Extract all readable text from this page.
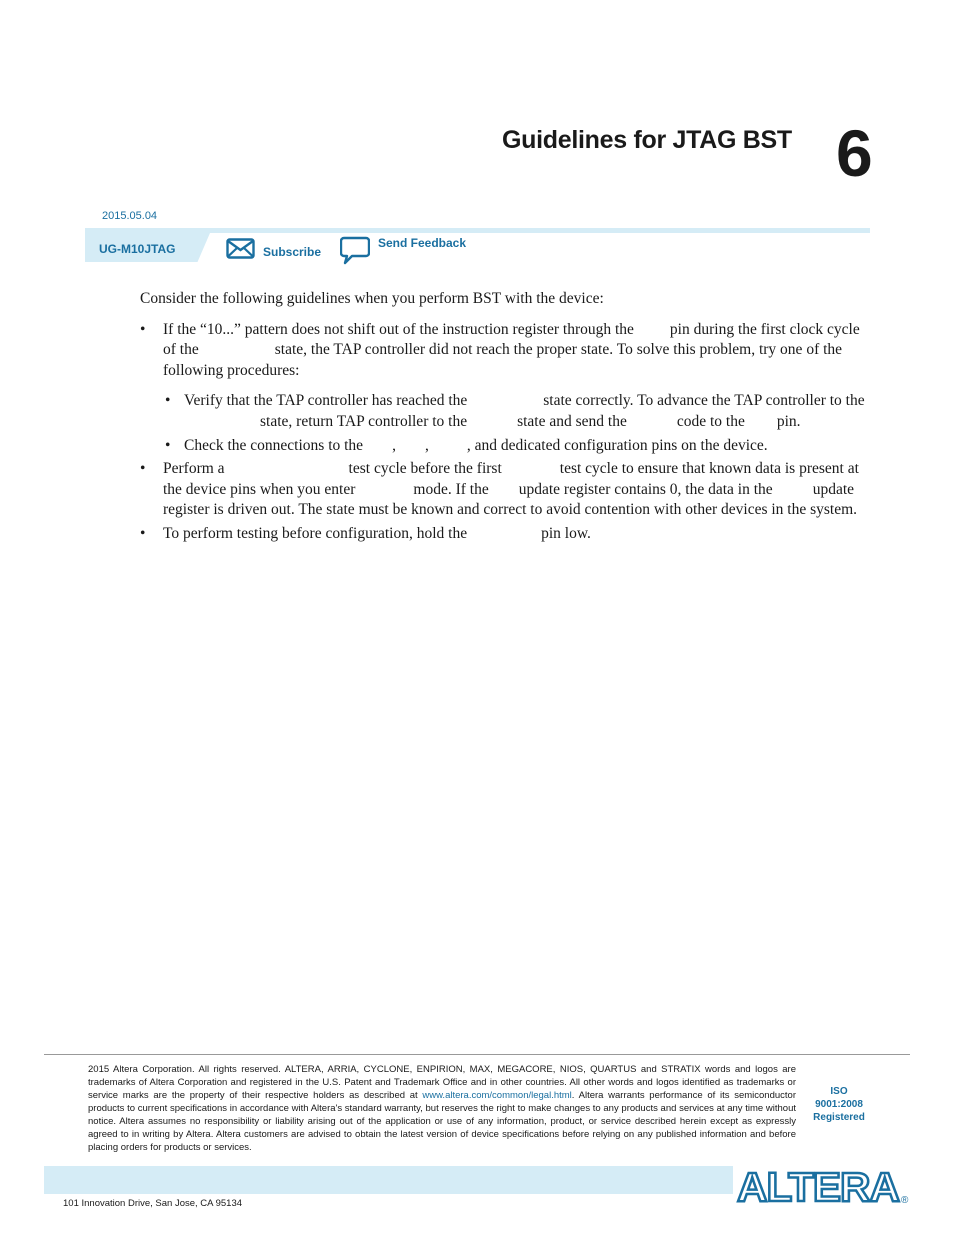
Guidelines for JTAG BST 6
2015.05.04
UG-M10JTAG	Subscribe
Send Feedback

Consider the following guidelines when you perform BST with the device:

• If the “10...” pattern does not shift out of the instruction register through the pin during the first clock cycle of the	state, the TAP controller did not reach the proper state. To solve this problem, try one of the following procedures:
• Verify that the TAP controller has reached the	state correctly. To advance the TAP controller to thestate, return TAP controller to the	state and send the	code to the pin.
• Check the connections to the , , , and dedicated configuration pins on the device.
• Perform a	test cycle before the first	test cycle to ensure that known data is present at the device pins when you enter	mode. If the update register contains 0, the data in the	update register is driven out. The state must be known and correct to avoid contention with other devices in the system.
• To perform testing before configuration, hold the	pin low.
2015 Altera Corporation. All rights reserved. ALTERA, ARRIA, CYCLONE, ENPIRION, MAX, MEGACORE, NIOS, QUARTUS and STRATIX words and logos are trademarks of Altera Corporation and registered in the U.S. Patent and Trademark Office and in other countries. All other words and logos identified as trademarks or service marks are the property of their respective holders as described at www.altera.com/common/legal.html. Altera warrants performance of its semiconductor products to current specifications in accordance with Altera's standard warranty, but reserves the right to make changes to any products and services at any time without notice. Altera assumes no responsibility or liability arising out of the application or use of any information, product, or service described herein except as expressly agreed to in writing by Altera. Altera customers are advised to obtain the latest version of device specifications before relying on any published information and before placing orders for products or services.
ISO
9001:2008
Registered
101 Innovation Drive, San Jose, CA 95134	ALTERA ®
